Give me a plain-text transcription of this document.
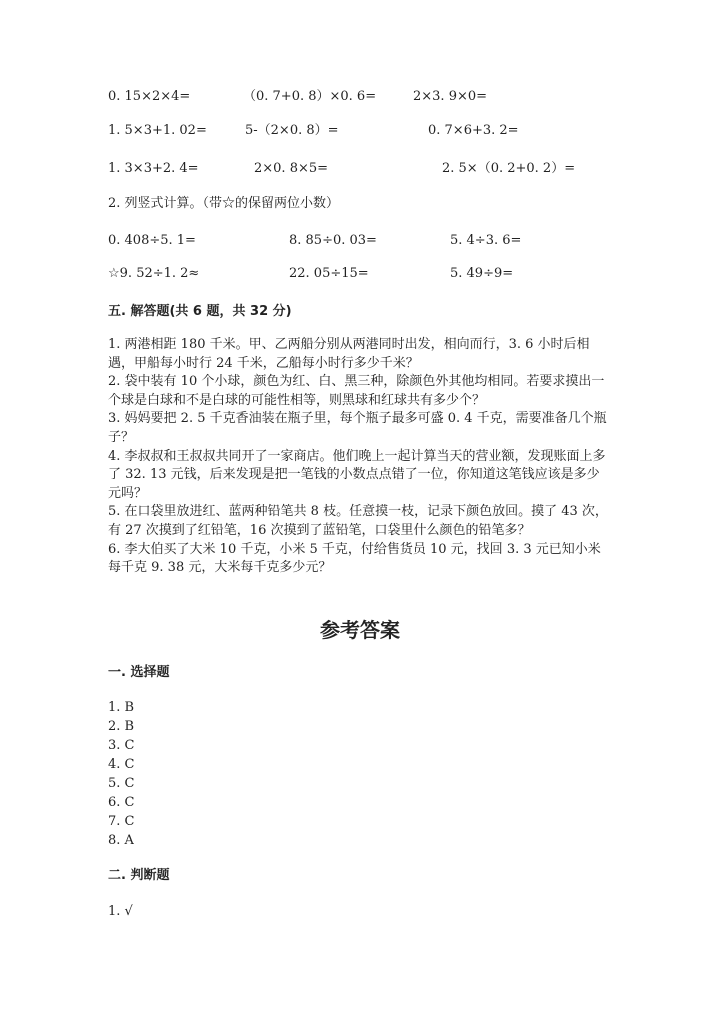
0. 15×2×4=	（0. 7+0. 8）×0. 6=	2×3. 9×0=
1. 5×3+1. 02=	5-（2×0. 8）=	0. 7×6+3. 2=
1. 3×3+2. 4=	2×0. 8×5=	2. 5×（0. 2+0. 2）=
2. 列竖式计算。（带☆的保留两位小数）
0. 408÷5. 1=	8. 85÷0. 03=	5. 4÷3. 6=
☆9. 52÷1. 2≈	22. 05÷15=	5. 49÷9=
五. 解答题(共 6 题，共 32 分)

1. 两港相距 180 千米。甲、乙两船分别从两港同时出发，相向而行，3. 6 小时后相遇，甲船每小时行 24 千米，乙船每小时行多少千米？

2. 袋中装有 10 个小球，颜色为红、白、黑三种，除颜色外其他均相同。若要求摸出一个球是白球和不是白球的可能性相等，则黑球和红球共有多少个？

3. 妈妈要把 2. 5 千克香油装在瓶子里，每个瓶子最多可盛 0. 4 千克，需要准备几个瓶子？

4. 李叔叔和王叔叔共同开了一家商店。他们晚上一起计算当天的营业额，发现账面上多了 32. 13 元钱，后来发现是把一笔钱的小数点点错了一位，你知道这笔钱应该是多少元吗？

5. 在口袋里放进红、蓝两种铅笔共 8 枝。任意摸一枝，记录下颜色放回。摸了 43 次，有 27 次摸到了红铅笔，16 次摸到了蓝铅笔，口袋里什么颜色的铅笔多？

6. 李大伯买了大米 10 千克，小米 5 千克，付给售货员 10 元，找回 3. 3 元已知小米每千克 9. 38 元，大米每千克多少元？

参考答案
一. 选择题
1. B
2. B
3. C
4. C
5. C
6. C
7. C
8. A
二. 判断题
1. √
